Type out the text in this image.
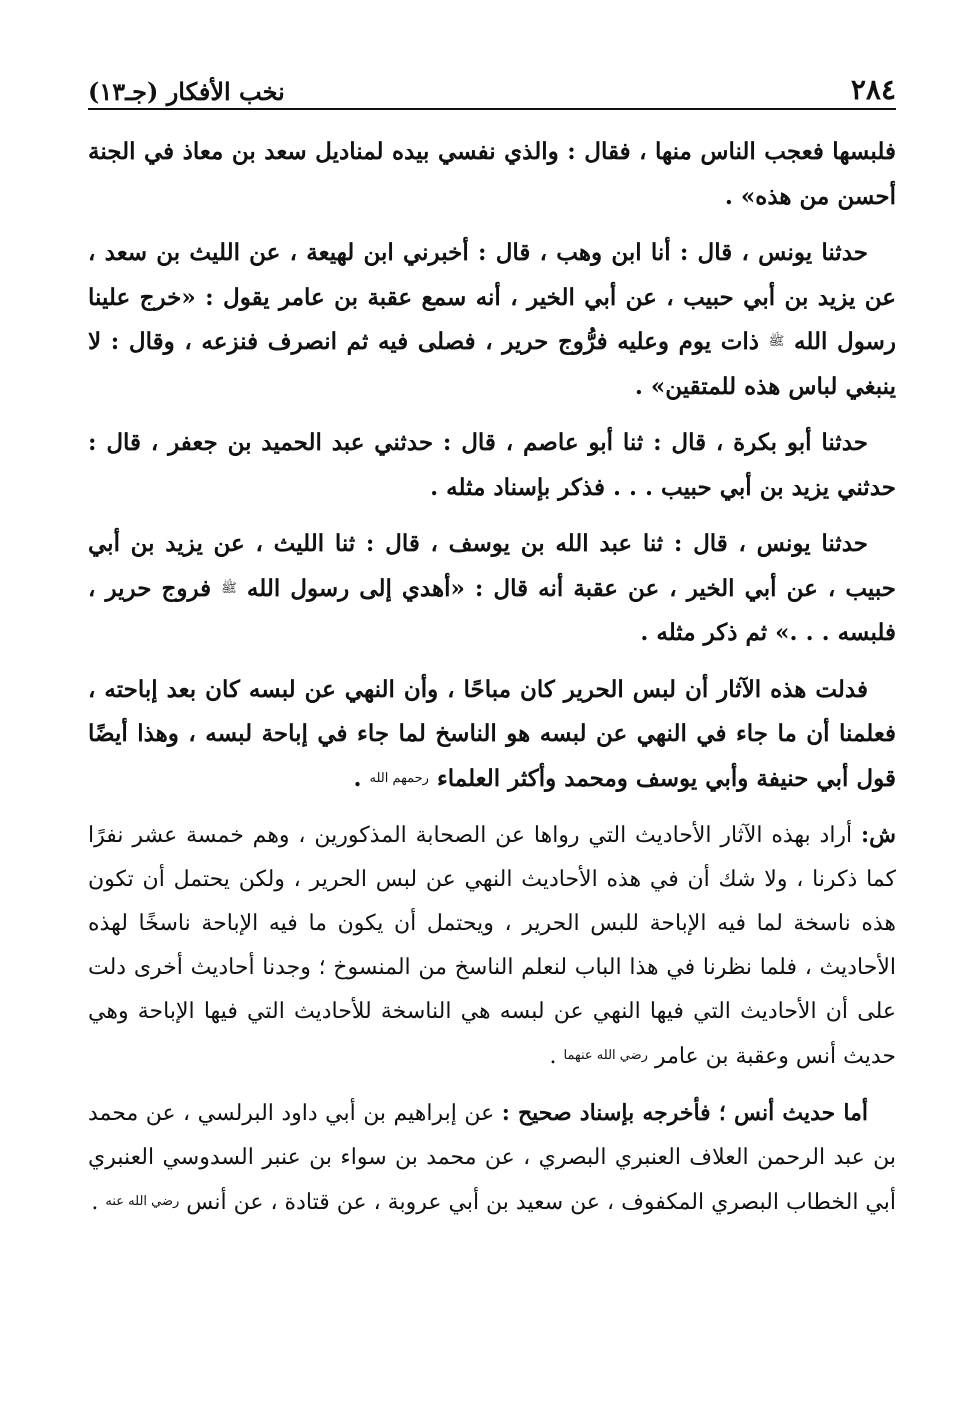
٢٨٤
نخب الأفكار (جـ١٣)

فلبسها فعجب الناس منها ، فقال : والذي نفسي بيده لمناديل سعد بن معاذ في الجنة أحسن من هذه» .

حدثنا يونس ، قال : أنا ابن وهب ، قال : أخبرني ابن لهيعة ، عن الليث بن سعد ، عن يزيد بن أبي حبيب ، عن أبي الخير ، أنه سمع عقبة بن عامر يقول : «خرج علينا رسول الله ﷺ ذات يوم وعليه فرُّوج حرير ، فصلى فيه ثم انصرف فنزعه ، وقال : لا ينبغي لباس هذه للمتقين» .

حدثنا أبو بكرة ، قال : ثنا أبو عاصم ، قال : حدثني عبد الحميد بن جعفر ، قال : حدثني يزيد بن أبي حبيب . . . فذكر بإسناد مثله .

حدثنا يونس ، قال : ثنا عبد الله بن يوسف ، قال : ثنا الليث ، عن يزيد بن أبي حبيب ، عن أبي الخير ، عن عقبة أنه قال : «أهدي إلى رسول الله ﷺ فروج حرير ، فلبسه . . .» ثم ذكر مثله .

فدلت هذه الآثار أن لبس الحرير كان مباحًا ، وأن النهي عن لبسه كان بعد إباحته ، فعلمنا أن ما جاء في النهي عن لبسه هو الناسخ لما جاء في إباحة لبسه ، وهذا أيضًا قول أبي حنيفة وأبي يوسف ومحمد وأكثر العلماء رحمهم الله .

ش: أراد بهذه الآثار الأحاديث التي رواها عن الصحابة المذكورين ، وهم خمسة عشر نفرًا كما ذكرنا ، ولا شك أن في هذه الأحاديث النهي عن لبس الحرير ، ولكن يحتمل أن تكون هذه ناسخة لما فيه الإباحة للبس الحرير ، ويحتمل أن يكون ما فيه الإباحة ناسخًا لهذه الأحاديث ، فلما نظرنا في هذا الباب لنعلم الناسخ من المنسوخ ؛ وجدنا أحاديث أخرى دلت على أن الأحاديث التي فيها النهي عن لبسه هي الناسخة للأحاديث التي فيها الإباحة وهي حديث أنس وعقبة بن عامر رضي الله عنهما .

أما حديث أنس ؛ فأخرجه بإسناد صحيح : عن إبراهيم بن أبي داود البرلسي ، عن محمد بن عبد الرحمن العلاف العنبري البصري ، عن محمد بن سواء بن عنبر السدوسي العنبري أبي الخطاب البصري المكفوف ، عن سعيد بن أبي عروبة ، عن قتادة ، عن أنس رضي الله عنه .
